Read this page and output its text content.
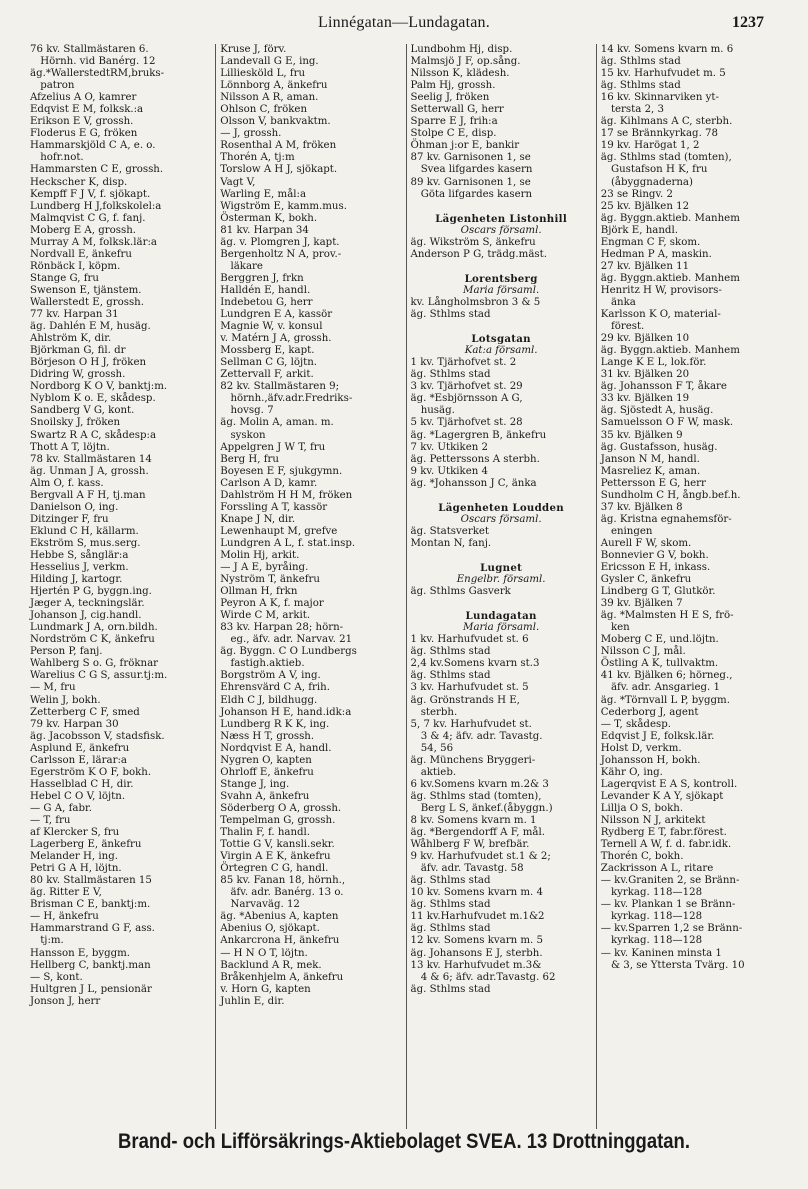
Linnégatan—Lundagatan.	1237
76 kv. Stallmästaren 6.
 Hörnh. vid Banérg. 12
äg.*WallerstedtRM,bruks-
 patron
Afzelius A O, kamrer
Edqvist E M, folksk.:a
Erikson E V, grossh.
Floderus E G, fröken
Hammarskjöld C A, e. o.
 hofr.not.
Hammarsten C E, grossh.
Heckscher K, disp.
Kempff F J V, f. sjökapt.
Lundberg H J,folkskolel:a
Malmqvist C G, f. fanj.
Moberg E A, grossh.
Murray A M, folksk.lär:a
Nordvall E, änkefru
Rönbäck I, köpm.
Stange G, fru
Swenson E, tjänstem.
Wallerstedt E, grossh.
77 kv. Harpan 31
äg. Dahlén E M, husäg.
Ahlström K, dir.
Björkman G, fil. dr
Börjeson O H J, fröken
Didring W, grossh.
Nordborg K O V, banktj:m.
Nyblom K o. E, skådesp.
Sandberg V G, kont.
Snoilsky J, fröken
Swartz R A C, skådesp:a
Thott A T, löjtn.
78 kv. Stallmästaren 14
äg. Unman J A, grossh.
Alm O, f. kass.
Bergvall A F H, tj.man
Danielson O, ing.
Ditzinger F, fru
Eklund C H, källarm.
Ekström S, mus.serg.
Hebbe S, sånglär:a
Hesselius J, verkm.
Hilding J, kartogr.
Hjertén P G, byggn.ing.
Jæger A, teckningslär.
Johanson J, cig.handl.
Lundmark J A, orn.bildh.
Nordström C K, änkefru
Person P, fanj.
Wahlberg S o. G, fröknar
Warelius C G S, assur.tj:m.
— M, fru
Welin J, bokh.
Zetterberg C F, smed
79 kv. Harpan 30
äg. Jacobsson V, stadsfisk.
Asplund E, änkefru
Carlsson E, lärar:a
Egerström K O F, bokh.
Hasselblad C H, dir.
Hebel C O V, löjtn.
— G A, fabr.
— T, fru
af Klercker S, fru
Lagerberg E, änkefru
Melander H, ing.
Petri G A H, löjtn.
80 kv. Stallmästaren 15
äg. Ritter E V,
Brisman C E, banktj:m.
— H, änkefru
Hammarstrand G F, ass.
 tj:m.
Hansson E, byggm.
Hellberg C, banktj.man
— S, kont.
Hultgren J L, pensionär
Jonson J, herr
Kruse J, förv.
Landevall G E, ing.
Lilliesköld L, fru
Lönnborg A, änkefru
Nilsson A R, aman.
Ohlson C, fröken
Olsson V, bankvaktm.
— J, grossh.
Rosenthal A M, fröken
Thorén A, tj:m
Torslow A H J, sjökapt.
Vagt V,
Warling E, mål:a
Wigström E, kamm.mus.
Österman K, bokh.
81 kv. Harpan 34
äg. v. Plomgren J, kapt.
Bergenholtz N A, prov.-
 läkare
Berggren J, frkn
Halldén E, handl.
Indebetou G, herr
Lundgren E A, kassör
Magnie W, v. konsul
v. Matérn J A, grossh.
Mossberg E, kapt.
Sellman C G, löjtn.
Zettervall F, arkit.
82 kv. Stallmästaren 9;
 hörnh.,äfv.adr.Fredriks-
 hovsg. 7
äg. Molin A, aman. m.
 syskon
Appelgren J W T, fru
Berg H, fru
Boyesen E F, sjukgymn.
Carlson A D, kamr.
Dahlström H H M, fröken
Forssling A T, kassör
Knape J N, dir.
Lewenhaupt M, grefve
Lundgren A L, f. stat.insp.
Molin Hj, arkit.
— J A E, byråing.
Nyström T, änkefru
Ollman H, frkn
Peyron A K, f. major
Wirde C M, arkit.
83 kv. Harpan 28; hörn-
 eg., äfv. adr. Narvav. 21
äg. Byggn. C O Lundbergs
 fastigh.aktieb.
Borgström A V, ing.
Ehrensvärd C A, frih.
Eldh C J, bildhugg.
Johanson H E, hand.idk:a
Lundberg R K K, ing.
Næss H T, grossh.
Nordqvist E A, handl.
Nygren O, kapten
Ohrloff E, änkefru
Stange J, ing.
Svahn A, änkefru
Söderberg O A, grossh.
Tempelman G, grossh.
Thalin F, f. handl.
Tottie G V, kansli.sekr.
Virgin A E K, änkefru
Örtegren C G, handl.
85 kv. Fanan 18, hörnh.,
 äfv. adr. Banérg. 13 o.
 Narvaväg. 12
äg. *Abenius A, kapten
Abenius O, sjökapt.
Ankarcrona H, änkefru
— H N O T, löjtn.
Backlund A R, mek.
Bråkenhjelm A, änkefru
v. Horn G, kapten
Juhlin E, dir.
Lundbohm Hj, disp.
Malmsjö J F, op.sång.
Nilsson K, klädesh.
Palm Hj, grossh.
Seelig J, fröken
Setterwall G, herr
Sparre E J, frih:a
Stolpe C E, disp.
Öhman j:or E, bankir
87 kv. Garnisonen 1, se
 Svea lifgardes kasern
89 kv. Garnisonen 1, se
 Göta lifgardes kasern
Lägenheten Listonhill
Oscars församl.
äg. Wikström S, änkefru
Anderson P G, trädg.mäst.
Lorentsberg
Maria församl.
kv. Långholmsbron 3 & 5
äg. Sthlms stad
Lotsgatan
Kat:a församl.
1 kv. Tjärhofvet st. 2
äg. Sthlms stad
3 kv. Tjärhofvet st. 29
äg. *Esbjörnsson A G,
 husäg.
5 kv. Tjärhofvet st. 28
äg. *Lagergren B, änkefru
7 kv. Utkiken 2
äg. Petterssons A sterbh.
9 kv. Utkiken 4
äg. *Johansson J C, änka
Lägenheten Loudden
Oscars församl.
äg. Statsverket
Montan N, fanj.
Lugnet
Engelbr. församl.
äg. Sthlms Gasverk
Lundagatan
Maria församl.
1 kv. Harhufvudet st. 6
äg. Sthlms stad
2,4 kv.Somens kvarn st.3
äg. Sthlms stad
3 kv. Harhufvudet st. 5
äg. Grönstrands H E,
 sterbh.
5, 7 kv. Harhufvudet st.
 3 & 4; äfv. adr. Tavastg.
 54, 56
äg. Münchens Bryggeri-
 aktieb.
6 kv.Somens kvarn m.2& 3
äg. Sthlms stad (tomten),
 Berg L S, änkef.(åbyggn.)
8 kv. Somens kvarn m. 1
äg. *Bergendorff A F, mål.
Wåhlberg F W, brefbär.
9 kv. Harhufvudet st.1 & 2;
 äfv. adr. Tavastg. 58
äg. Sthlms stad
10 kv. Somens kvarn m. 4
äg. Sthlms stad
11 kv.Harhufvudet m.1&2
äg. Sthlms stad
12 kv. Somens kvarn m. 5
äg. Johansons E J, sterbh.
13 kv. Harhufvudet m.3&
 4 & 6; äfv. adr.Tavastg. 62
äg. Sthlms stad
14 kv. Somens kvarn m. 6
äg. Sthlms stad
15 kv. Harhufvudet m. 5
äg. Sthlms stad
16 kv. Skinnarviken yt-
 tersta 2, 3
äg. Kihlmans A C, sterbh.
17 se Brännkyrkag. 78
19 kv. Harögat 1, 2
äg. Sthlms stad (tomten),
 Gustafson H K, fru
 (åbyggnaderna)
23 se Ringv. 2
25 kv. Bjälken 12
äg. Byggn.aktieb. Manhem
Björk E, handl.
Engman C F, skom.
Hedman P A, maskin.
27 kv. Bjälken 11
äg. Byggn.aktieb. Manhem
Henritz H W, provisors-
 änka
Karlsson K O, material-
 förest.
29 kv. Bjälken 10
äg. Byggn.aktieb. Manhem
Lange K E L, lok.för.
31 kv. Bjälken 20
äg. Johansson F T, åkare
33 kv. Bjälken 19
äg. Sjöstedt A, husäg.
Samuelsson O F W, mask.
35 kv. Bjälken 9
äg. Gustafsson, husäg.
Janson N M, handl.
Masreliez K, aman.
Pettersson E G, herr
Sundholm C H, ångb.bef.h.
37 kv. Bjälken 8
äg. Kristna egnahemsför-
 eningen
Aurell F W, skom.
Bonnevier G V, bokh.
Ericsson E H, inkass.
Gysler C, änkefru
Lindberg G T, Glutkör.
39 kv. Bjälken 7
äg. *Malmsten H E S, frö-
 ken
Moberg C E, und.löjtn.
Nilsson C J, mål.
Östling A K, tullvaktm.
41 kv. Bjälken 6; hörneg.,
 äfv. adr. Ansgarieg. 1
äg. *Törnvall L P, byggm.
Cederborg J, agent
— T, skådesp.
Edqvist J E, folksk.lär.
Holst D, verkm.
Johansson H, bokh.
Kähr O, ing.
Lagerqvist E A S, kontroll.
Levander K A Y, sjökapt
Lillja O S, bokh.
Nilsson N J, arkitekt
Rydberg E T, fabr.förest.
Ternell A W, f. d. fabr.idk.
Thorén C, bokh.
Zackrisson A L, ritare
— kv.Graniten 2, se Bränn-
 kyrkag. 118—128
— kv. Plankan 1 se Bränn-
 kyrkag. 118—128
— kv.Sparren 1,2 se Bränn-
 kyrkag. 118—128
— kv. Kaninen minsta 1
 & 3, se Yttersta Tvärg. 10
Brand- och Lifförsäkrings-Aktiebolaget SVEA. 13 Drottninggatan.
